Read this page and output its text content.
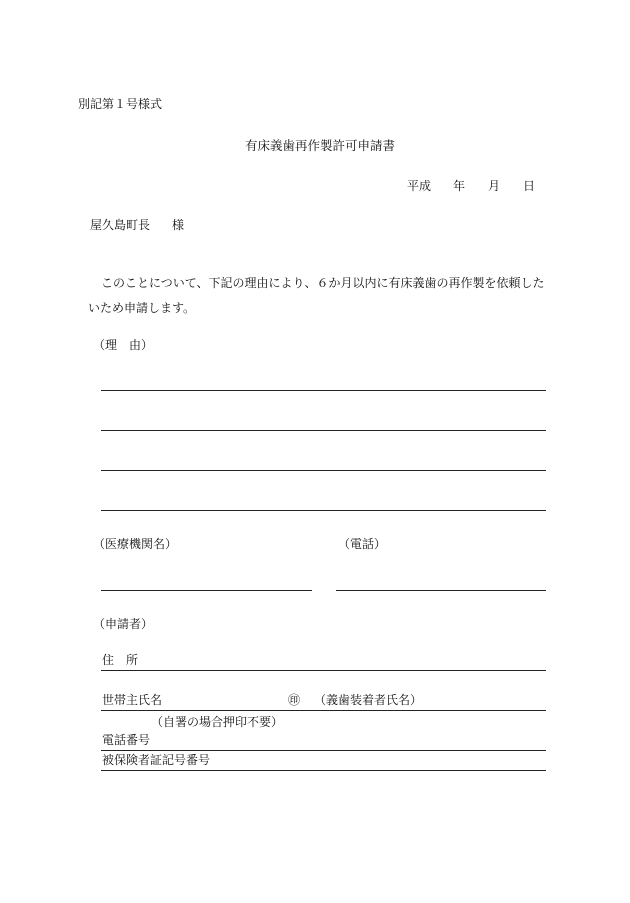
別記第１号様式
有床義歯再作製許可申請書
平成 年 月 日
屋久島町長 様
このことについて、下記の理由により、６か月以内に有床義歯の再作製を依頼したいため申請します。
（理　由）
（医療機関名）	（電話）
（申請者）
住　所
世帯主氏名	㊞ （義歯装着者氏名）
（自署の場合押印不要）
電話番号
被保険者証記号番号
